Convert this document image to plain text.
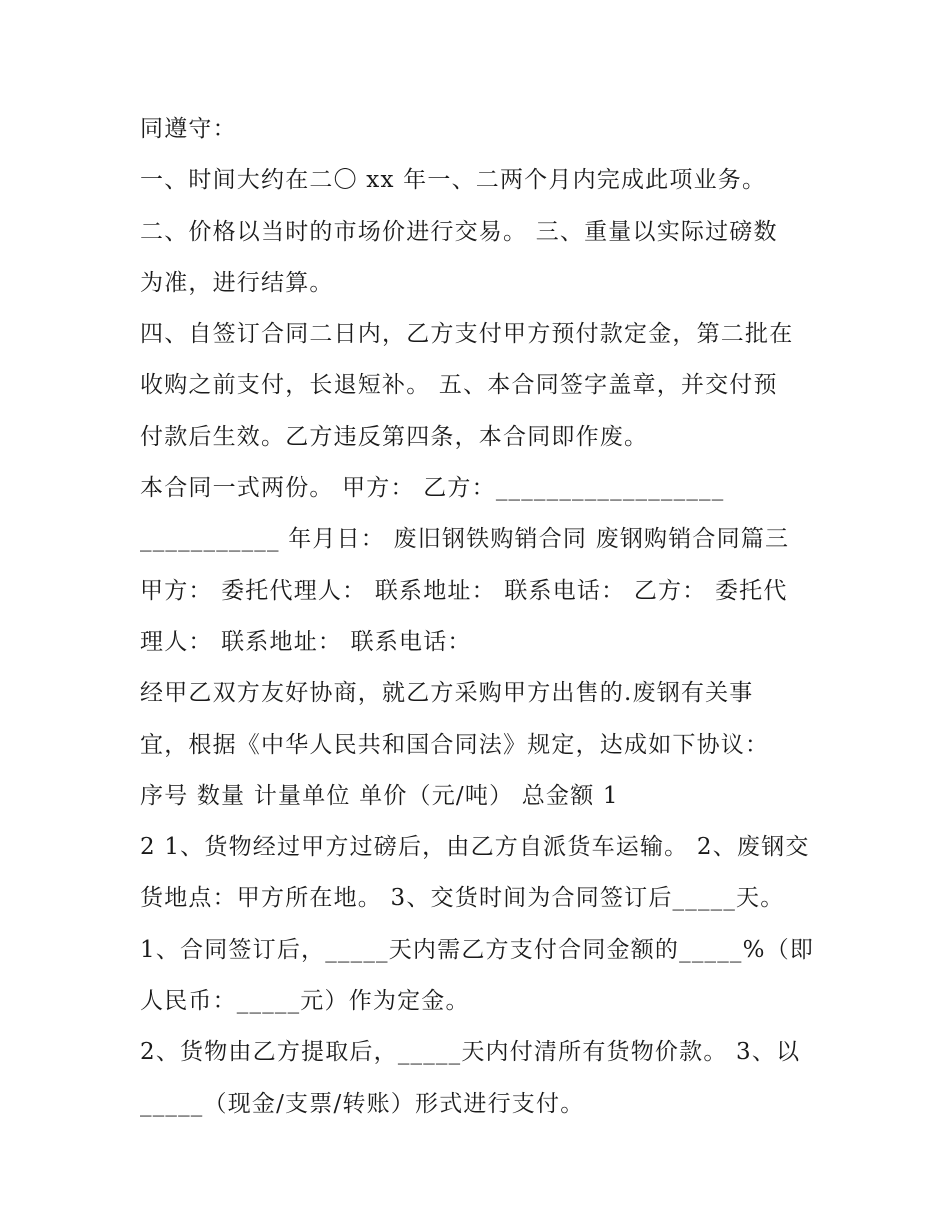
同遵守：
一、时间大约在二〇 xx 年一、二两个月内完成此项业务。
二、价格以当时的市场价进行交易。 三、重量以实际过磅数
为准，进行结算。
四、自签订合同二日内，乙方支付甲方预付款定金，第二批在
收购之前支付，长退短补。 五、本合同签字盖章，并交付预
付款后生效。乙方违反第四条，本合同即作废。
本合同一式两份。 甲方： 乙方：__________________
___________ 年月日： 废旧钢铁购销合同 废钢购销合同篇三
甲方： 委托代理人： 联系地址： 联系电话： 乙方： 委托代
理人： 联系地址： 联系电话：
经甲乙双方友好协商，就乙方采购甲方出售的.废钢有关事
宜，根据《中华人民共和国合同法》规定，达成如下协议：
序号 数量 计量单位 单价（元/吨） 总金额 1
2 1、货物经过甲方过磅后，由乙方自派货车运输。 2、废钢交
货地点：甲方所在地。 3、交货时间为合同签订后_____天。
1、合同签订后，_____天内需乙方支付合同金额的_____%（即
人民币：_____元）作为定金。
2、货物由乙方提取后，_____天内付清所有货物价款。 3、以
_____（现金/支票/转账）形式进行支付。
